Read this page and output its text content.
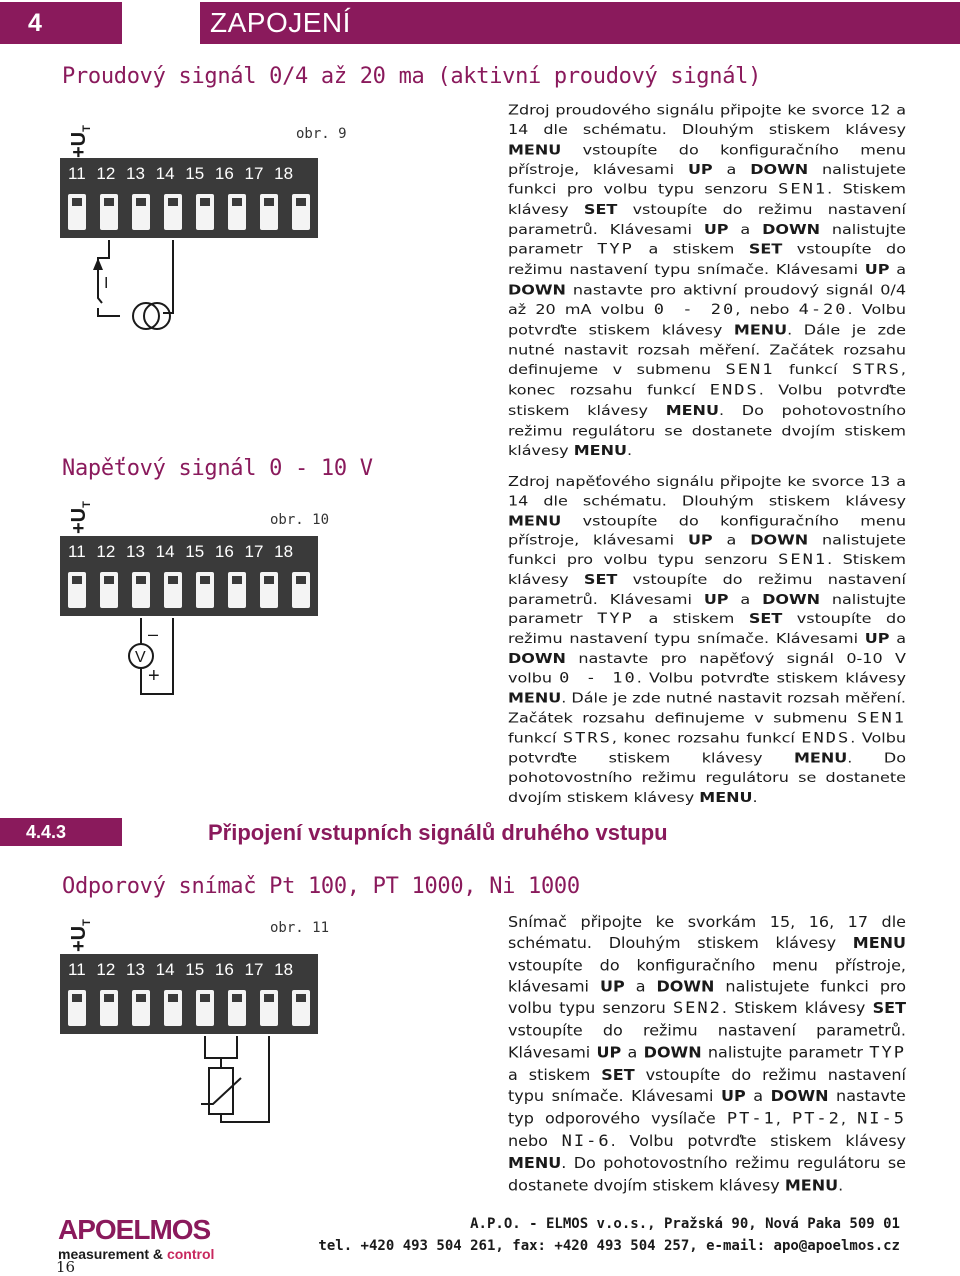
4	ZAPOJENÍ
Proudový signál 0/4 až 20 ma (aktivní proudový signál)
$+U_T$	obr. 9
11 12 13 14 15 16 17 18
I
Zdroj proudového signálu připojte ke svorce 12 a 14 dle schématu. Dlouhým stiskem klávesy MENU vstoupíte do konfiguračního menu přístroje, klávesami UP a DOWN nalistujete funkci pro volbu typu senzoru SEN1. Stiskem klávesy SET vstoupíte do režimu nastavení parametrů. Klávesami UP a DOWN nalistujte parametr TYP a stiskem SET vstoupíte do režimu nastavení typu snímače. Klávesami UP a DOWN nastavte pro aktivní proudový signál 0/4 až 20 mA volbu 0 - 20, nebo 4-20. Volbu potvrďte stiskem klávesy MENU. Dále je zde nutné nastavit rozsah měření. Začátek rozsahu definujeme v submenu SEN1 funkcí STRS, konec rozsahu funkcí ENDS. Volbu potvrďte stiskem klávesy MENU. Do pohotovostního režimu regulátoru se dostanete dvojím stiskem klávesy MENU.
Napěťový signál 0 - 10 V
$+U_T$
obr. 10
11 12 13 14 15 16 17 18
V
–
+
Zdroj napěťového signálu připojte ke svorce 13 a 14 dle schématu. Dlouhým stiskem klávesy MENU vstoupíte do konfiguračního menu přístroje, klávesami UP a DOWN nalistujete funkci pro volbu typu senzoru SEN1. Stiskem klávesy SET vstoupíte do režimu nastavení parametrů. Klávesami UP a DOWN nalistujte parametr TYP a stiskem SET vstoupíte do režimu nastavení typu snímače. Klávesami UP a DOWN nastavte pro napěťový signál 0-10 V volbu 0 - 10. Volbu potvrďte stiskem klávesy MENU. Dále je zde nutné nastavit rozsah měření. Začátek rozsahu definujeme v submenu SEN1 funkcí STRS, konec rozsahu funkcí ENDS. Volbu potvrďte stiskem klávesy MENU. Do pohotovostního režimu regulátoru se dostanete dvojím stiskem klávesy MENU.
4.4.3	Připojení vstupních signálů druhého vstupu
Odporový snímač Pt 100, PT 1000, Ni 1000
$+U_T$	obr. 11
11 12 13 14 15 16 17 18
Snímač připojte ke svorkám 15, 16, 17 dle schématu. Dlouhým stiskem klávesy MENU vstoupíte do konfiguračního menu přístroje, klávesami UP a DOWN nalistujete funkci pro volbu typu senzoru SEN2. Stiskem klávesy SET vstoupíte do režimu nastavení parametrů. Klávesami UP a DOWN nalistujte parametr TYP a stiskem SET vstoupíte do režimu nastavení typu snímače. Klávesami UP a DOWN nastavte typ odporového vysílače PT-1, PT-2, NI-5 nebo NI-6. Volbu potvrďte stiskem klávesy MENU. Do pohotovostního režimu regulátoru se dostanete dvojím stiskem klávesy MENU.
APOELMOS
measurement & control
A.P.O. - ELMOS v.o.s., Pražská 90, Nová Paka 509 01
tel. +420 493 504 261, fax: +420 493 504 257, e-mail: apo@apoelmos.cz
16
